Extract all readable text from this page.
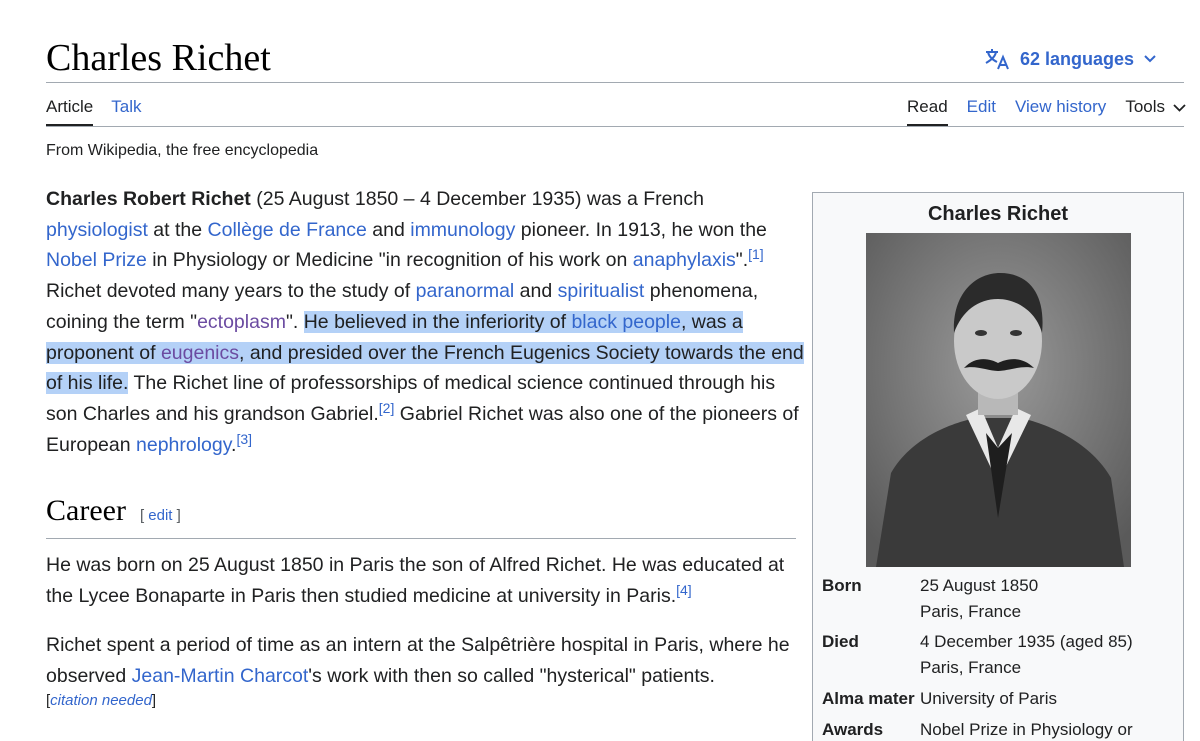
Charles Richet	62 languages
Article Talk	Read Edit View history Tools
From Wikipedia, the free encyclopedia

Charles Robert Richet (25 August 1850 – 4 December 1935) was a French physiologist at the Collège de France and immunology pioneer. In 1913, he won the Nobel Prize in Physiology or Medicine "in recognition of his work on anaphylaxis".[1] Richet devoted many years to the study of paranormal and spiritualist phenomena, coining the term "ectoplasm". He believed in the inferiority of black people, was a proponent of eugenics, and presided over the French Eugenics Society towards the end of his life. The Richet line of professorships of medical science continued through his son Charles and his grandson Gabriel.[2] Gabriel Richet was also one of the pioneers of European nephrology.[3]

Career [ edit ]

He was born on 25 August 1850 in Paris the son of Alfred Richet. He was educated at the Lycee Bonaparte in Paris then studied medicine at university in Paris.[4]

Richet spent a period of time as an intern at the Salpêtrière hospital in Paris, where he observed Jean-Martin Charcot's work with then so called "hysterical" patients.

[citation needed]
Charles Richet
Born	25 August 1850
Paris, France
Died	4 December 1935 (aged 85)
Paris, France
Alma mater University of Paris
Awards	Nobel Prize in Physiology or
